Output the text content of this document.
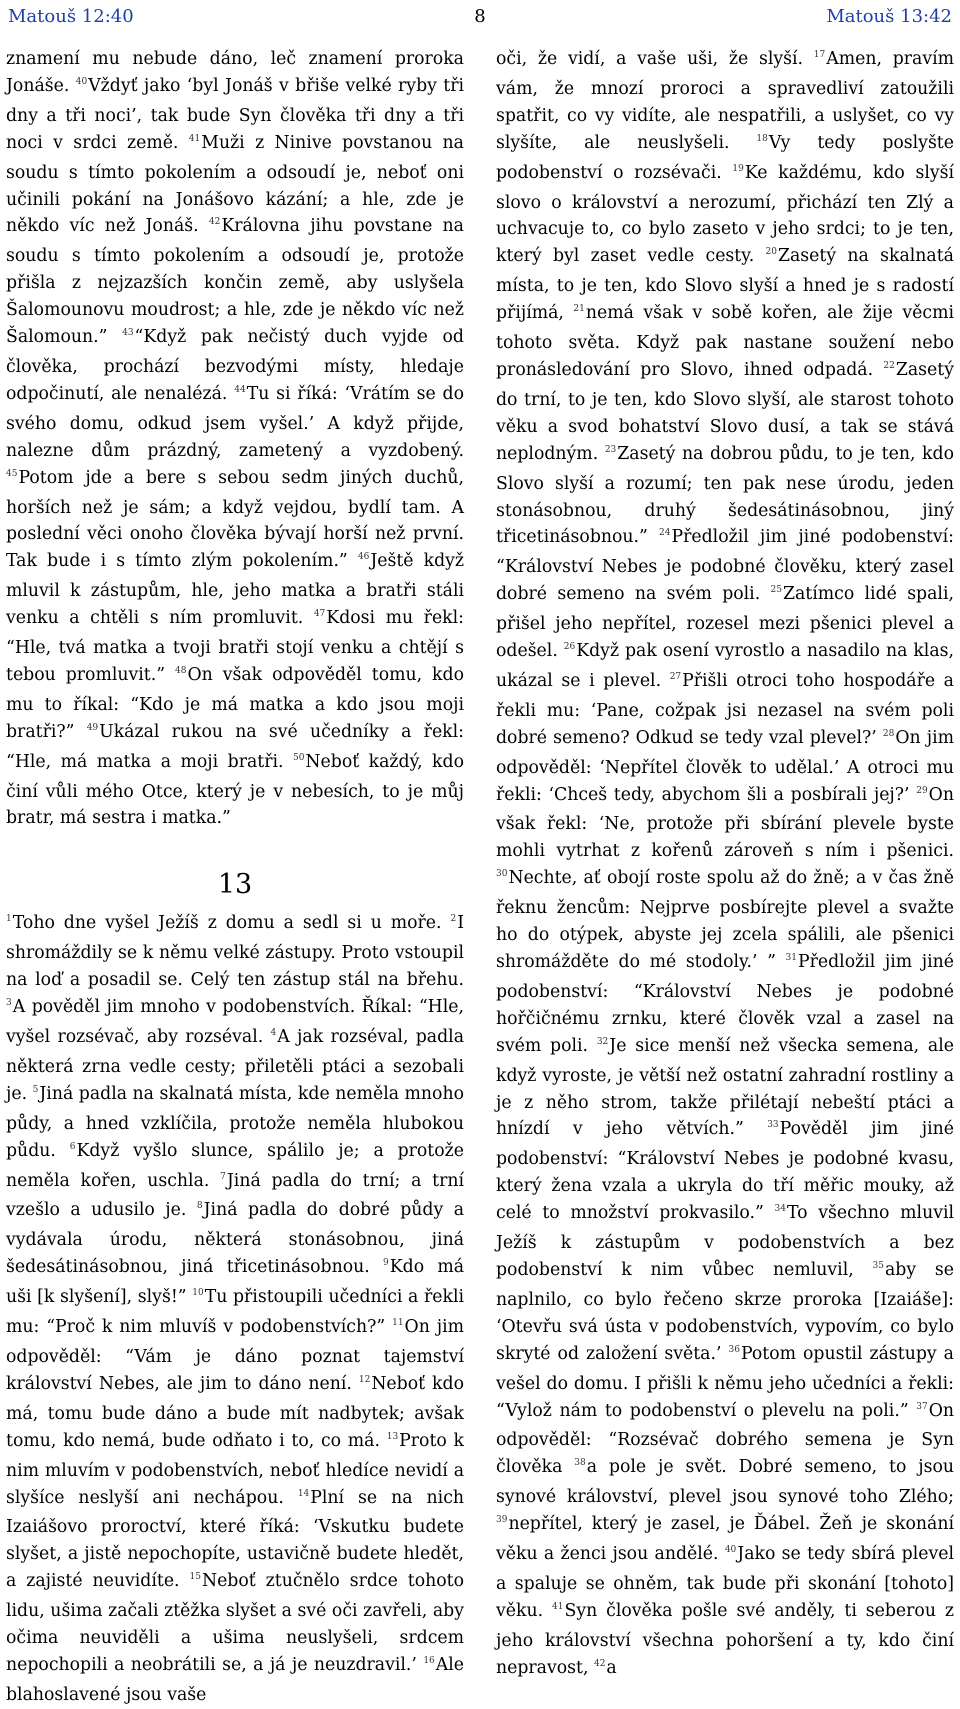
Matouš 12:40	8	Matouš 13:42

znamení mu nebude dáno, leč znamení proroka Jonáše. $^{40}$Vždyť jako ‘byl Jonáš v břiše velké ryby tři dny a tři noci’, tak bude Syn člověka tři dny a tři noci v srdci země. $^{41}$Muži z Ninive povstanou na soudu s tímto pokolením a odsoudí je, neboť oni učinili pokání na Jonášovo kázání; a hle, zde je někdo víc než Jonáš. $^{42}$Královna jihu povstane na soudu s tímto pokolením a odsoudí je, protože přišla z nejzazších končin země, aby uslyšela Šalomounovu moudrost; a hle, zde je někdo víc než Šalomoun.” $^{43}$“Když pak nečistý duch vyjde od člověka, prochází bezvodými místy, hledaje odpočinutí, ale nenalézá. $^{44}$Tu si říká: ‘Vrátím se do svého domu, odkud jsem vyšel.’ A když přijde, nalezne dům prázdný, zametený a vyzdobený. $^{45}$Potom jde a bere s sebou sedm jiných duchů, horších než je sám; a když vejdou, bydlí tam. A poslední věci onoho člověka bývají horší než první. Tak bude i s tímto zlým pokolením.” $^{46}$Ještě když mluvil k zástupům, hle, jeho matka a bratři stáli venku a chtěli s ním promluvit. $^{47}$Kdosi mu řekl: “Hle, tvá matka a tvoji bratři stojí venku a chtějí s tebou promluvit.” $^{48}$On však odpověděl tomu, kdo mu to říkal: “Kdo je má matka a kdo jsou moji bratři?” $^{49}$Ukázal rukou na své učedníky a řekl: “Hle, má matka a moji bratři. $^{50}$Neboť každý, kdo činí vůli mého Otce, který je v nebesích, to je můj bratr, má sestra i matka.”

13

$^1$Toho dne vyšel Ježíš z domu a sedl si u moře. $^2$I shromáždily se k němu velké zástupy. Proto vstoupil na loď a posadil se. Celý ten zástup stál na břehu. $^3$A pověděl jim mnoho v podobenstvích. Říkal: “Hle, vyšel rozsévač, aby rozséval. $^4$A jak rozséval, padla některá zrna vedle cesty; přiletěli ptáci a sezobali je. $^5$Jiná padla na skalnatá místa, kde neměla mnoho půdy, a hned vzklíčila, protože neměla hlubokou půdu. $^6$Když vyšlo slunce, spálilo je; a protože neměla kořen, uschla. $^7$Jiná padla do trní; a trní vzešlo a udusilo je. $^8$Jiná padla do dobré půdy a vydávala úrodu, některá stonásobnou, jiná šedesátinásobnou, jiná třicetinásobnou. $^9$Kdo má uši [k slyšení], slyš!” $^{10}$Tu přistoupili učedníci a řekli mu: “Proč k nim mluvíš v podobenstvích?” $^{11}$On jim odpověděl: “Vám je dáno poznat tajemství království Nebes, ale jim to dáno není. $^{12}$Neboť kdo má, tomu bude dáno a bude mít nadbytek; avšak tomu, kdo nemá, bude odňato i to, co má. $^{13}$Proto k nim mluvím v podobenstvích, neboť hledíce nevidí a slyšíce neslyší ani nechápou. $^{14}$Plní se na nich Izaiášovo proroctví, které říká: ‘Vskutku budete slyšet, a jistě nepochopíte, ustavičně budete hledět, a zajisté neuvidíte. $^{15}$Neboť ztučnělo srdce tohoto lidu, ušima začali ztěžka slyšet a své oči zavřeli, aby očima neuviděli a ušima neuslyšeli, srdcem nepochopili a neobrátili se, a já je neuzdravil.’ $^{16}$Ale blahoslavené jsou vaše

oči, že vidí, a vaše uši, že slyší. $^{17}$Amen, pravím vám, že mnozí proroci a spravedliví zatoužili spatřit, co vy vidíte, ale nespatřili, a uslyšet, co vy slyšíte, ale neuslyšeli.	$^{18}$Vy tedy poslyšte podobenství o rozsévači. $^{19}$Ke každému, kdo slyší slovo o království a nerozumí, přichází ten Zlý a uchvacuje to, co bylo zaseto v jeho srdci; to je ten, který byl zaset vedle cesty. $^{20}$Zasetý na skalnatá místa, to je ten, kdo Slovo slyší a hned je s radostí přijímá, $^{21}$nemá však v sobě kořen, ale žije věcmi tohoto světa. Když pak nastane soužení nebo pronásledování pro Slovo, ihned odpadá. $^{22}$Zasetý do trní, to je ten, kdo Slovo slyší, ale starost tohoto věku a svod bohatství Slovo dusí, a tak se stává neplodným. $^{23}$Zasetý na dobrou půdu, to je ten, kdo Slovo slyší a rozumí; ten pak nese úrodu, jeden stonásobnou, druhý šedesátinásobnou, jiný třicetinásobnou.” $^{24}$Předložil jim jiné podobenství: “Království Nebes je podobné člověku, který zasel dobré semeno na svém poli. $^{25}$Zatímco lidé spali, přišel jeho nepřítel, rozesel mezi pšenici plevel a odešel. $^{26}$Když pak osení vyrostlo a nasadilo na klas, ukázal se i plevel. $^{27}$Přišli otroci toho hospodáře a řekli mu: ‘Pane, cožpak jsi nezasel na svém poli dobré semeno? Odkud se tedy vzal plevel?’ $^{28}$On jim odpověděl: ‘Nepřítel člověk to udělal.’ A otroci mu řekli: ‘Chceš tedy, abychom šli a posbírali jej?’ $^{29}$On však řekl: ‘Ne, protože při sbírání plevele byste mohli vytrhat z kořenů zároveň s ním i pšenici. $^{30}$Nechte, ať obojí roste spolu až do žně; a v čas žně řeknu žencům: Nejprve posbírejte plevel a svažte ho do otýpek, abyste jej zcela spálili, ale pšenici shromážděte do mé stodoly.’ ” $^{31}$Předložil jim jiné podobenství: “Království Nebes je podobné hořčičnému zrnku, které člověk vzal a zasel na svém poli. $^{32}$Je sice menší než všecka semena, ale když vyroste, je větší než ostatní zahradní rostliny a je z něho strom, takže přilétají nebeští ptáci a hnízdí v jeho větvích.”	$^{33}$Pověděl jim jiné podobenství: “Království Nebes je podobné kvasu, který žena vzala a ukryla do tří měřic mouky, až celé to množství prokvasilo.” $^{34}$To všechno mluvil Ježíš k zástupům v podobenstvích a bez podobenství k nim vůbec nemluvil, $^{35}$aby se naplnilo, co bylo řečeno skrze proroka [Izaiáše]: ‘Otevřu svá ústa v podobenstvích, vypovím, co bylo skryté od založení světa.’ $^{36}$Potom opustil zástupy a vešel do domu. I přišli k němu jeho učedníci a řekli: “Vylož nám to podobenství o plevelu na poli.” $^{37}$On odpověděl: “Rozsévač dobrého semena je Syn člověka $^{38}$a pole je svět. Dobré semeno, to jsou synové království, plevel jsou synové toho Zlého; $^{39}$nepřítel, který je zasel, je Ďábel. Žeň je skonání věku a ženci jsou andělé. $^{40}$Jako se tedy sbírá plevel a spaluje se ohněm, tak bude při skonání [tohoto] věku. $^{41}$Syn člověka pošle své anděly, ti seberou z jeho království všechna pohoršení a ty, kdo činí nepravost, $^{42}$a
